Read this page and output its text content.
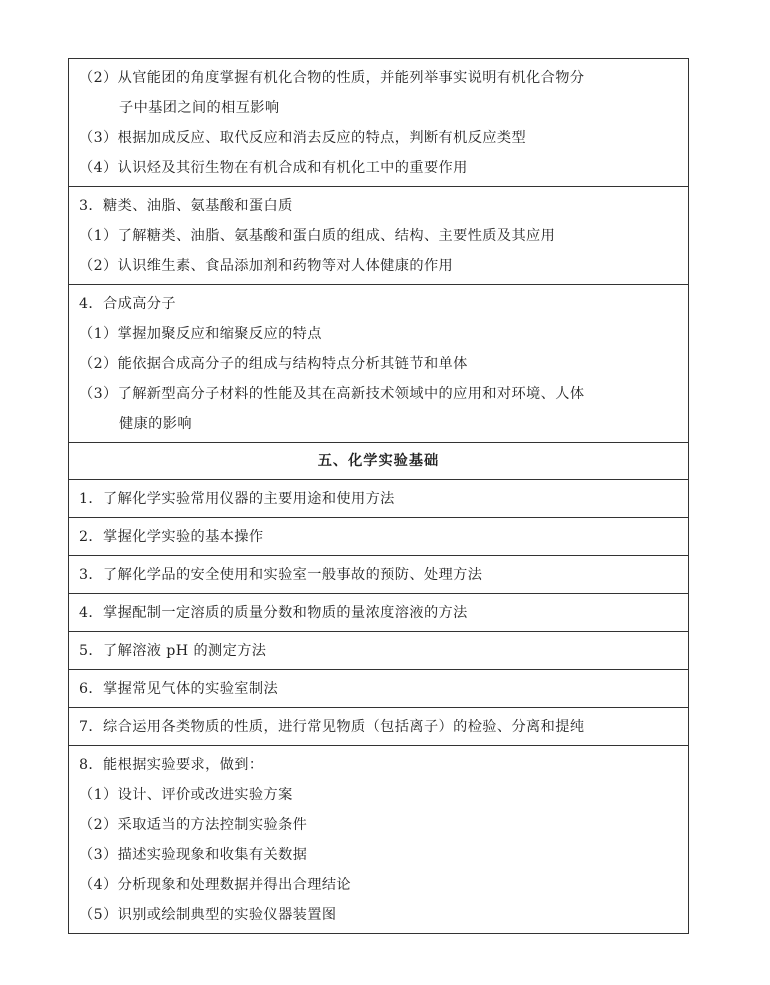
（2）从官能团的角度掌握有机化合物的性质，并能列举事实说明有机化合物分
子中基团之间的相互影响
（3）根据加成反应、取代反应和消去反应的特点，判断有机反应类型
（4）认识烃及其衍生物在有机合成和有机化工中的重要作用

3．糖类、油脂、氨基酸和蛋白质
（1）了解糖类、油脂、氨基酸和蛋白质的组成、结构、主要性质及其应用
（2）认识维生素、食品添加剂和药物等对人体健康的作用

4．合成高分子
（1）掌握加聚反应和缩聚反应的特点
（2）能依据合成高分子的组成与结构特点分析其链节和单体
（3）了解新型高分子材料的性能及其在高新技术领域中的应用和对环境、人体
健康的影响

五、化学实验基础

1．了解化学实验常用仪器的主要用途和使用方法

2．掌握化学实验的基本操作

3．了解化学品的安全使用和实验室一般事故的预防、处理方法

4．掌握配制一定溶质的质量分数和物质的量浓度溶液的方法

5．了解溶液 pH 的测定方法

6．掌握常见气体的实验室制法

7．综合运用各类物质的性质，进行常见物质（包括离子）的检验、分离和提纯

8．能根据实验要求，做到：
（1）设计、评价或改进实验方案
（2）采取适当的方法控制实验条件
（3）描述实验现象和收集有关数据
（4）分析现象和处理数据并得出合理结论
（5）识别或绘制典型的实验仪器装置图
